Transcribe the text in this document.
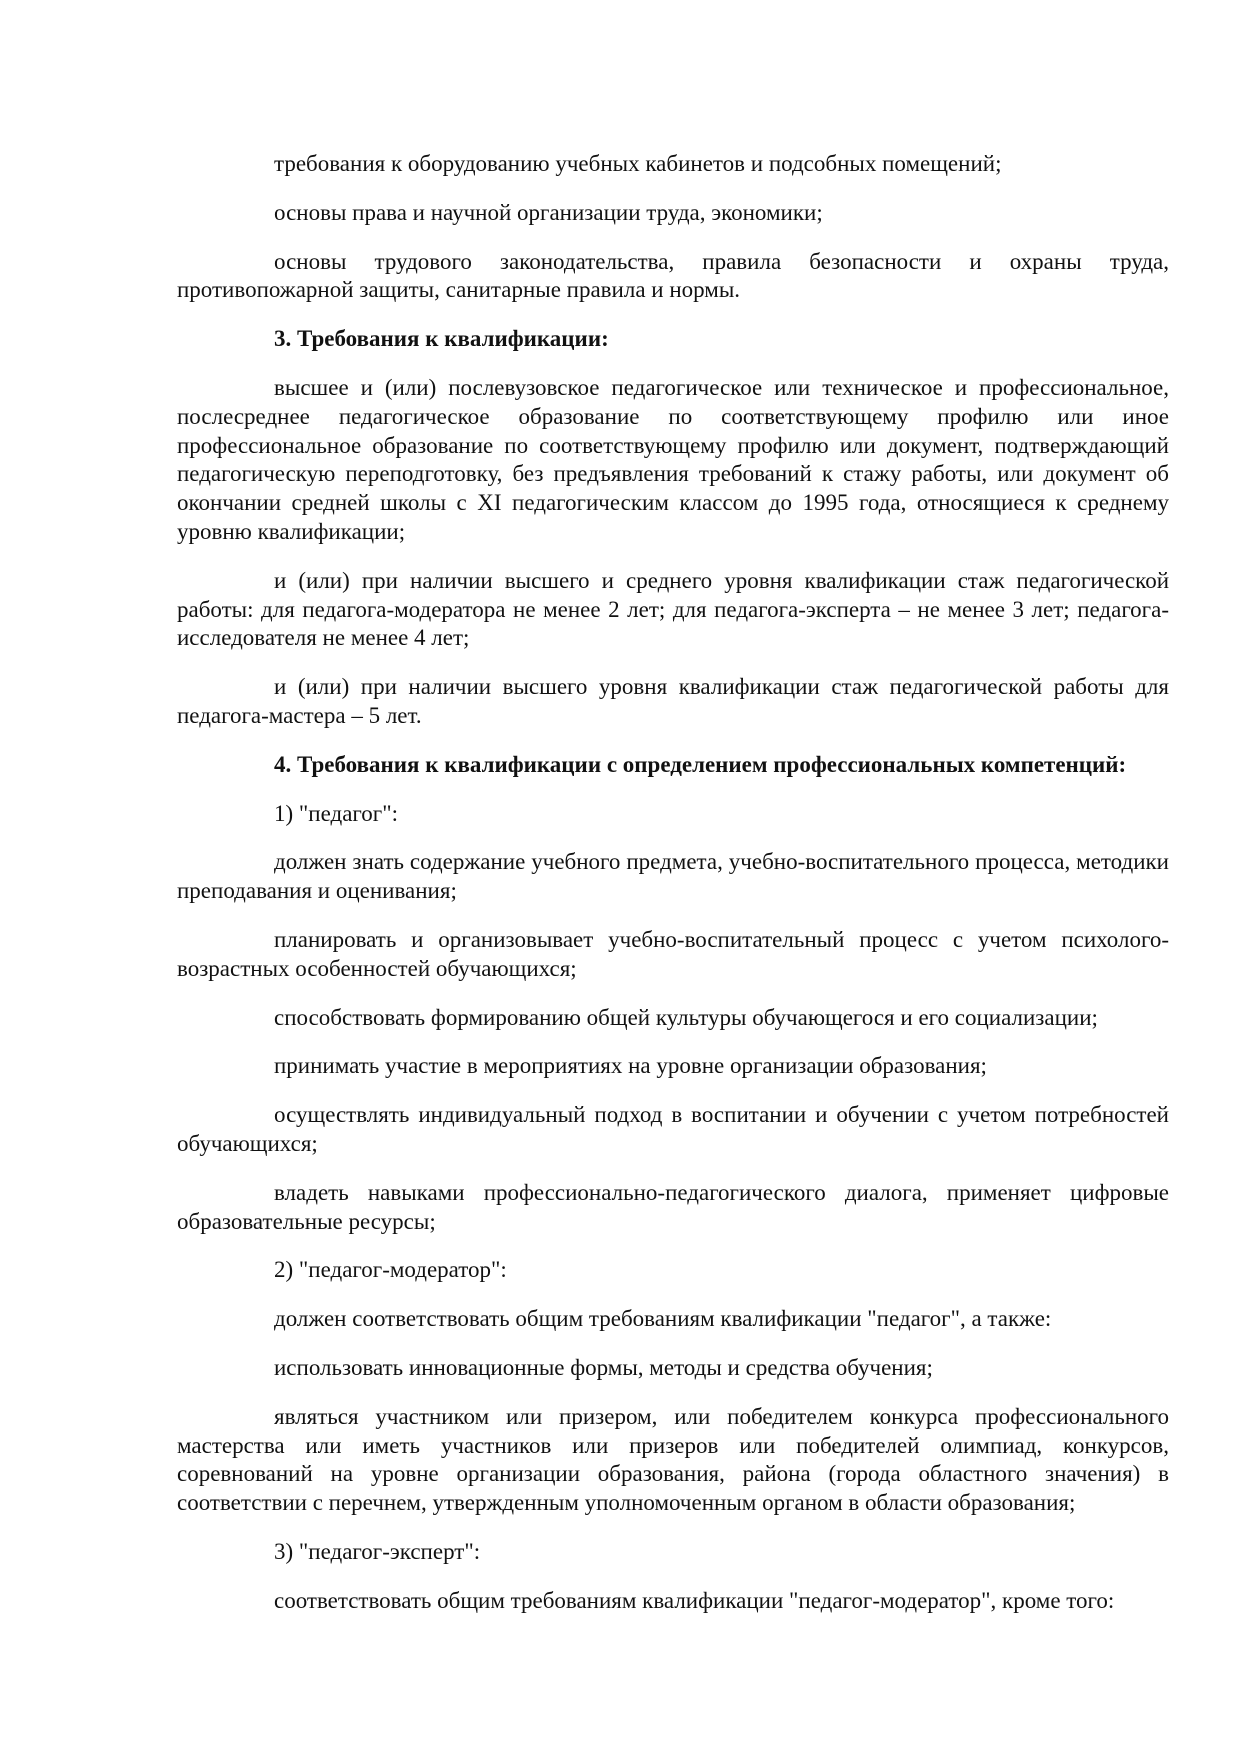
требования к оборудованию учебных кабинетов и подсобных помещений;

основы права и научной организации труда, экономики;

основы трудового законодательства, правила безопасности и охраны труда, противопожарной защиты, санитарные правила и нормы.

3. Требования к квалификации:

высшее и (или) послевузовское педагогическое или техническое и профессиональное, послесреднее педагогическое образование по соответствующему профилю или иное профессиональное образование по соответствующему профилю или документ, подтверждающий педагогическую переподготовку, без предъявления требований к стажу работы, или документ об окончании средней школы с XI педагогическим классом до 1995 года, относящиеся к среднему уровню квалификации;

и (или) при наличии высшего и среднего уровня квалификации стаж педагогической работы: для педагога-модератора не менее 2 лет; для педагога-эксперта – не менее 3 лет; педагога-исследователя не менее 4 лет;

и (или) при наличии высшего уровня квалификации стаж педагогической работы для педагога-мастера – 5 лет.

4. Требования к квалификации с определением профессиональных компетенций:

1) "педагог":

должен знать содержание учебного предмета, учебно-воспитательного процесса, методики преподавания и оценивания;

планировать и организовывает учебно-воспитательный процесс с учетом психолого-возрастных особенностей обучающихся;

способствовать формированию общей культуры обучающегося и его социализации;

принимать участие в мероприятиях на уровне организации образования;

осуществлять индивидуальный подход в воспитании и обучении с учетом потребностей обучающихся;

владеть навыками профессионально-педагогического диалога, применяет цифровые образовательные ресурсы;

2) "педагог-модератор":

должен соответствовать общим требованиям квалификации "педагог", а также:

использовать инновационные формы, методы и средства обучения;

являться участником или призером, или победителем конкурса профессионального мастерства или иметь участников или призеров или победителей олимпиад, конкурсов, соревнований на уровне организации образования, района (города областного значения) в соответствии с перечнем, утвержденным уполномоченным органом в области образования;

3) "педагог-эксперт":

соответствовать общим требованиям квалификации "педагог-модератор", кроме того:
